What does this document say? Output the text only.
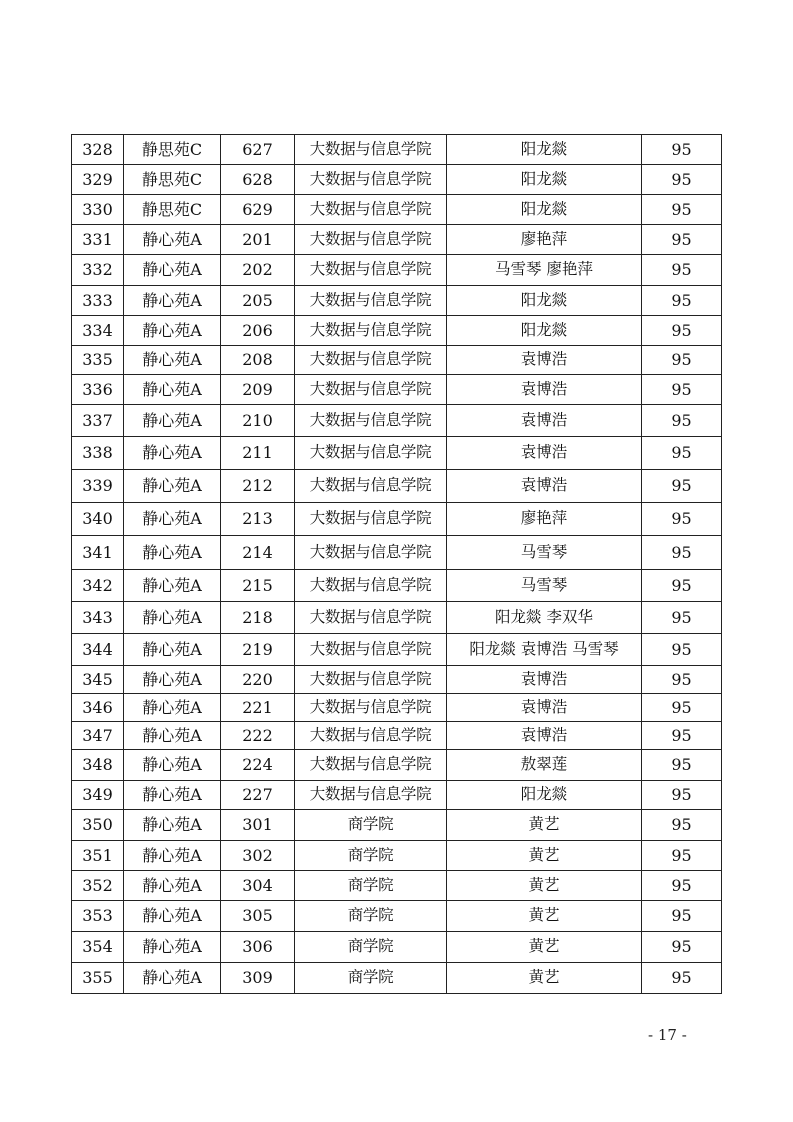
328	静思苑C	627	大数据与信息学院	阳龙燚	95
329	静思苑C	628	大数据与信息学院	阳龙燚	95
330	静思苑C	629	大数据与信息学院	阳龙燚	95
331	静心苑A	201	大数据与信息学院	廖艳萍	95
332	静心苑A	202	大数据与信息学院	马雪琴 廖艳萍	95
333	静心苑A	205	大数据与信息学院	阳龙燚	95
334	静心苑A	206	大数据与信息学院	阳龙燚	95
335	静心苑A	208	大数据与信息学院	袁博浩	95
336	静心苑A	209	大数据与信息学院	袁博浩	95
337	静心苑A	210	大数据与信息学院	袁博浩	95
338	静心苑A	211	大数据与信息学院	袁博浩	95
339	静心苑A	212	大数据与信息学院	袁博浩	95
340	静心苑A	213	大数据与信息学院	廖艳萍	95
341	静心苑A	214	大数据与信息学院	马雪琴	95
342	静心苑A	215	大数据与信息学院	马雪琴	95
343	静心苑A	218	大数据与信息学院	阳龙燚 李双华	95
344	静心苑A	219	大数据与信息学院	阳龙燚 袁博浩 马雪琴	95
345	静心苑A	220	大数据与信息学院	袁博浩	95
346	静心苑A	221	大数据与信息学院	袁博浩	95
347	静心苑A	222	大数据与信息学院	袁博浩	95
348	静心苑A	224	大数据与信息学院	敖翠莲	95
349	静心苑A	227	大数据与信息学院	阳龙燚	95
350	静心苑A	301	商学院	黄艺	95
351	静心苑A	302	商学院	黄艺	95
352	静心苑A	304	商学院	黄艺	95
353	静心苑A	305	商学院	黄艺	95
354	静心苑A	306	商学院	黄艺	95
355	静心苑A	309	商学院	黄艺	95
- 17 -
